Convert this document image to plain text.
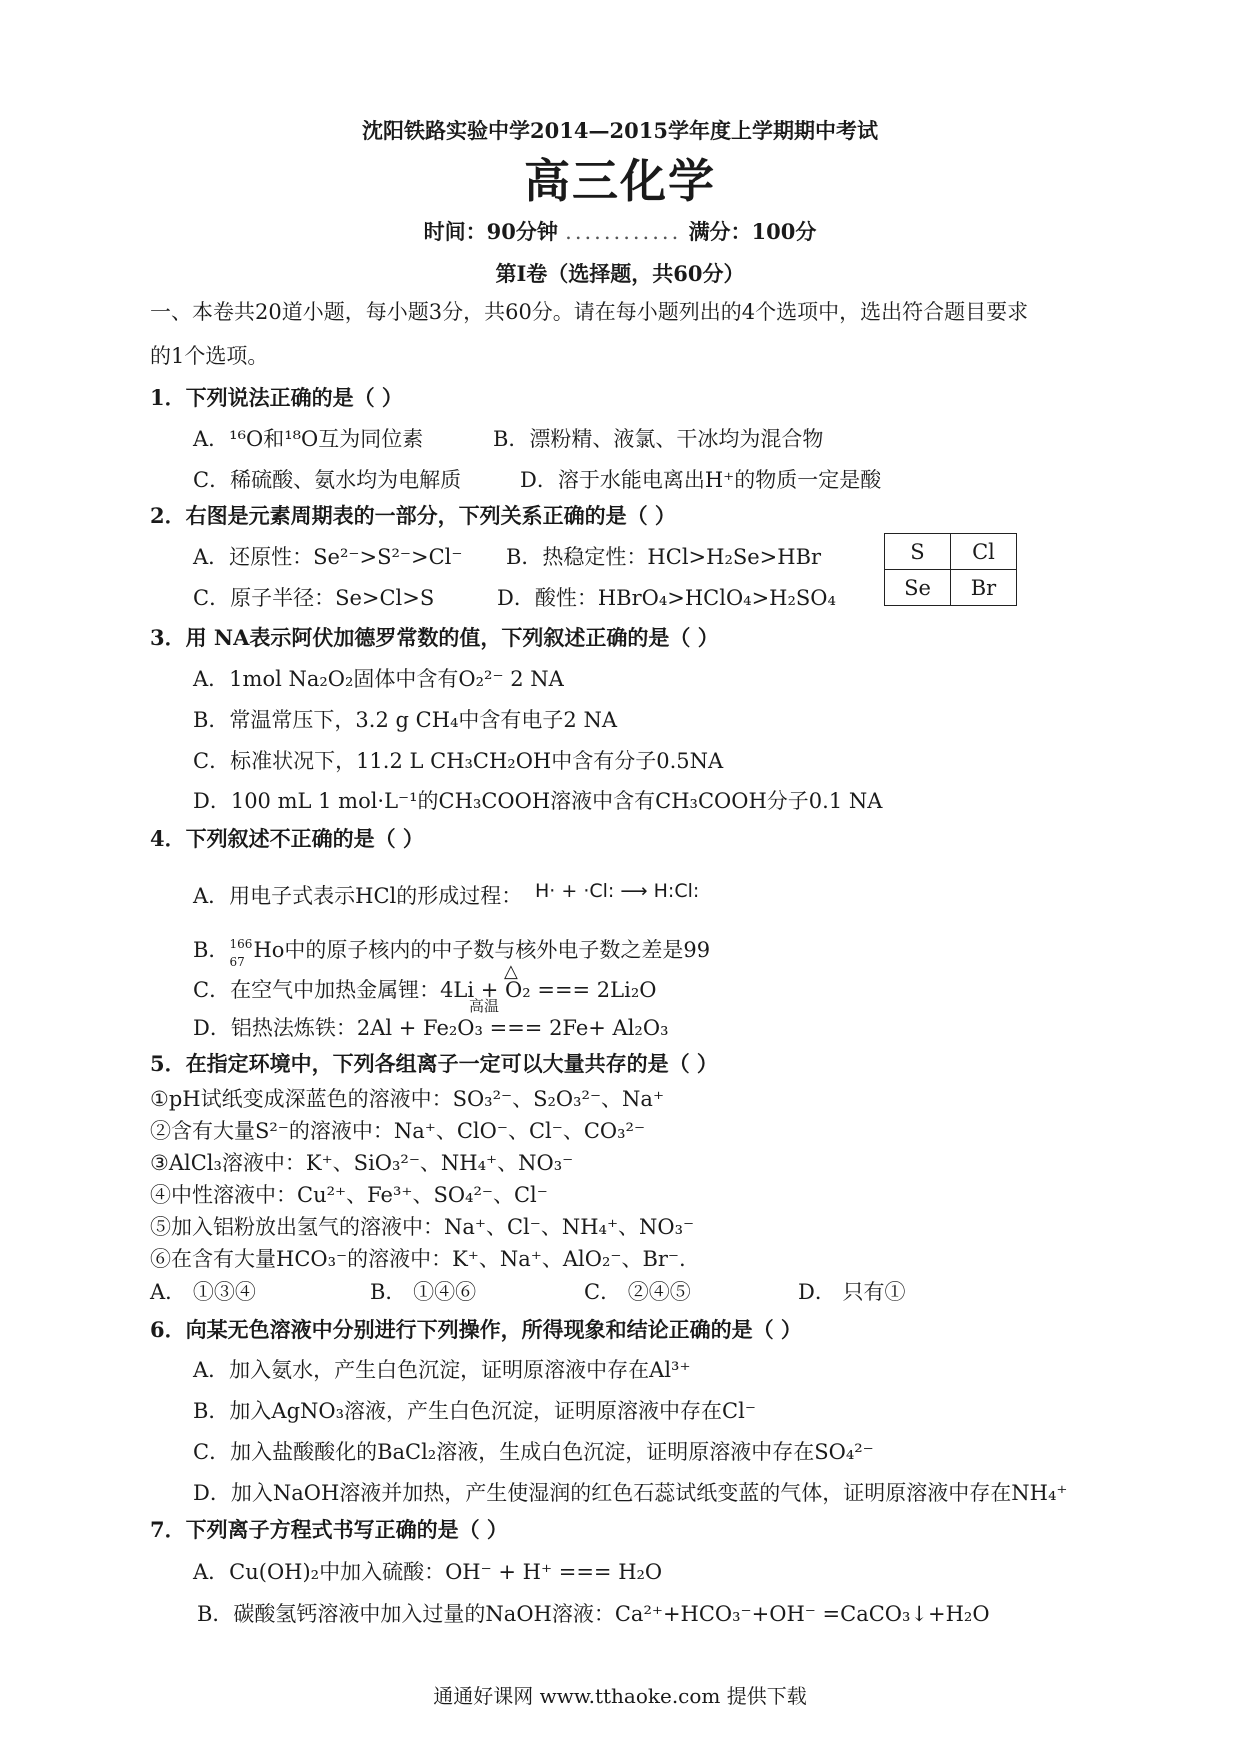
沈阳铁路实验中学2014—2015学年度上学期期中考试
高三化学
时间：90分钟 ............ 满分：100分
第I卷（选择题，共60分）
一、本卷共20道小题，每小题3分，共60分。请在每小题列出的4个选项中，选出符合题目要求
的1个选项。
1．下列说法正确的是（ ）
A．¹⁶O和¹⁸O互为同位素	B．漂粉精、液氯、干冰均为混合物
C．稀硫酸、氨水均为电解质	D．溶于水能电离出H⁺的物质一定是酸
2．右图是元素周期表的一部分，下列关系正确的是（ ）
A．还原性：Se²⁻>S²⁻>Cl⁻ B．热稳定性：HCl>H₂Se>HBr
C．原子半径：Se>Cl>S	D．酸性：HBrO₄>HClO₄>H₂SO₄
S	Cl
Se	Br
3．用 NA表示阿伏加德罗常数的值，下列叙述正确的是（ ）
A．1mol Na₂O₂固体中含有O₂²⁻ 2 NA
B．常温常压下，3.2 g CH₄中含有电子2 NA
C．标准状况下，11.2 L CH₃CH₂OH中含有分子0.5NA
D．100 mL 1 mol·L⁻¹的CH₃COOH溶液中含有CH₃COOH分子0.1 NA
4．下列叙述不正确的是（ ）
A．用电子式表示HCl的形成过程： H· + ·Cl: ⟶ H:Cl:
B． 166
67 Ho中的原子核内的中子数与核外电子数之差是99
△
C．在空气中加热金属锂：4Li + O₂ === 2Li₂O
高温
D．铝热法炼铁：2Al + Fe₂O₃ === 2Fe+ Al₂O₃
5．在指定环境中，下列各组离子一定可以大量共存的是（ ）
①pH试纸变成深蓝色的溶液中：SO₃²⁻、S₂O₃²⁻、Na⁺
②含有大量S²⁻的溶液中：Na⁺、ClO⁻、Cl⁻、CO₃²⁻
③AlCl₃溶液中：K⁺、SiO₃²⁻、NH₄⁺、NO₃⁻
④中性溶液中：Cu²⁺、Fe³⁺、SO₄²⁻、Cl⁻
⑤加入铝粉放出氢气的溶液中：Na⁺、Cl⁻、NH₄⁺、NO₃⁻
⑥在含有大量HCO₃⁻的溶液中：K⁺、Na⁺、AlO₂⁻、Br⁻.
A． ①③④	B． ①④⑥	C． ②④⑤	D． 只有①
6．向某无色溶液中分别进行下列操作，所得现象和结论正确的是（ ）
A．加入氨水，产生白色沉淀，证明原溶液中存在Al³⁺
B．加入AgNO₃溶液，产生白色沉淀，证明原溶液中存在Cl⁻
C．加入盐酸酸化的BaCl₂溶液，生成白色沉淀，证明原溶液中存在SO₄²⁻
D．加入NaOH溶液并加热，产生使湿润的红色石蕊试纸变蓝的气体，证明原溶液中存在NH₄⁺
7．下列离子方程式书写正确的是（ ）
A．Cu(OH)₂中加入硫酸：OH⁻ + H⁺ === H₂O
B．碳酸氢钙溶液中加入过量的NaOH溶液：Ca²⁺+HCO₃⁻+OH⁻ =CaCO₃↓+H₂O
通通好课网 www.tthaoke.com 提供下载
